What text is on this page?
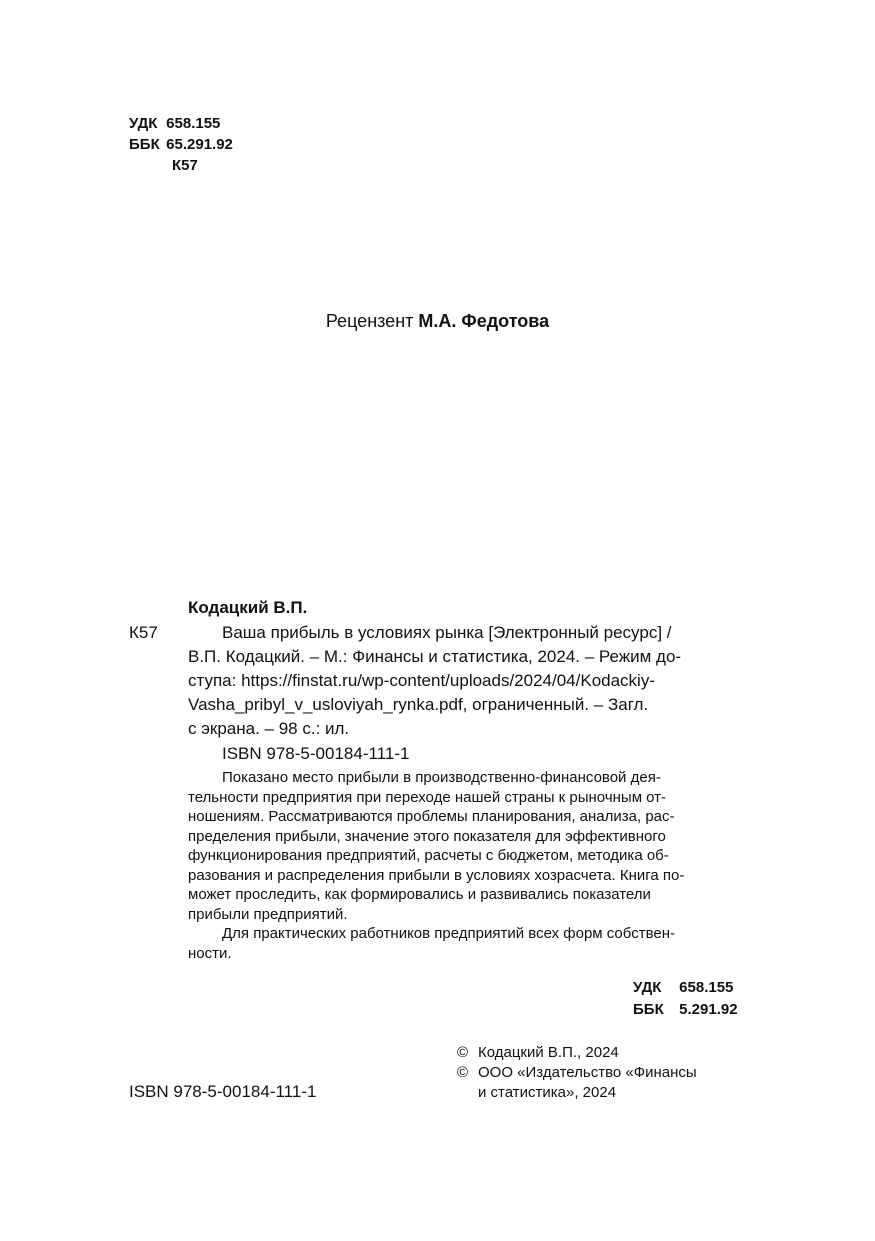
УДК 658.155
ББК 65.291.92
К57
Рецензент М.А. Федотова
Кодацкий В.П.
К57	Ваша прибыль в условиях рынка [Электронный ресурс] /
В.П. Кодацкий. – М.: Финансы и статистика, 2024. – Режим до-
ступа: https://finstat.ru/wp-content/uploads/2024/04/Kodackiy-
Vasha_pribyl_v_usloviyah_rynka.pdf, ограниченный. – Загл.
с экрана. – 98 с.: ил.
ISBN 978-5-00184-111-1
Показано место прибыли в производственно-финансовой дея-
тельности предприятия при переходе нашей страны к рыночным от-
ношениям. Рассматриваются проблемы планирования, анализа, рас-
пределения прибыли, значение этого показателя для эффективного
функционирования предприятий, расчеты с бюджетом, методика об-
разования и распределения прибыли в условиях хозрасчета. Книга по-
может проследить, как формировались и развивались показатели
прибыли предприятий.
Для практических работников предприятий всех форм собствен-
ности.
УДК 658.155
ББК 5.291.92
© Кодацкий В.П., 2024
© ООО «Издательство «Финансы
и статистика», 2024
ISBN 978-5-00184-111-1
